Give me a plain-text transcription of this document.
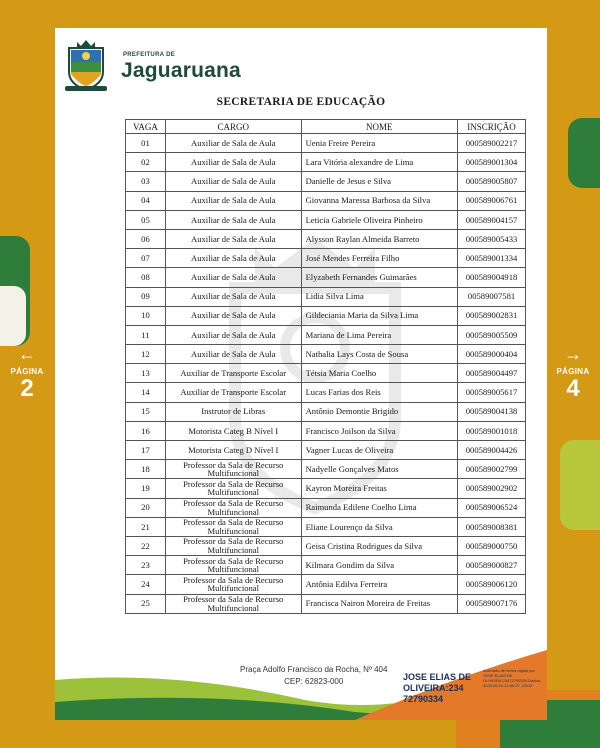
←
PÁGINA
2
→
PÁGINA
4
PREFEITURA DE
Jaguaruana
SECRETARIA DE EDUCAÇÃO
VAGA	CARGO	NOME	INSCRIÇÃO
01	Auxiliar de Sala de Aula	Uenia Freire Pereira	000589002217
02	Auxiliar de Sala de Aula	Lara Vitória alexandre de Lima	000589001304
03	Auxiliar de Sala de Aula	Danielle de Jesus e Silva	000589005807
04	Auxiliar de Sala de Aula	Giovanna Maressa Barbosa da Silva	000589006761
05	Auxiliar de Sala de Aula	Leticia Gabriele Oliveira Pinheiro	000589004157
06	Auxiliar de Sala de Aula	Alysson Raylan Almeida Barreto	000589005433
07	Auxiliar de Sala de Aula	José Mendes Ferreira Filho	000589001334
08	Auxiliar de Sala de Aula	Elyzabeth Fernandes Guimarães	000589004918
09	Auxiliar de Sala de Aula	Lidia Silva Lima	00589007581
10	Auxiliar de Sala de Aula	Gildeciania Maria da Silva Lima	000589002831
11	Auxiliar de Sala de Aula	Mariana de Lima Pereira	000589005509
12	Auxiliar de Sala de Aula	Nathalia Lays Costa de Sousa	000589000404
13	Auxiliar de Transporte Escolar	Tétsia Maria Coelho	000589004497
14	Auxiliar de Transporte Escolar	Lucas Farias dos Reis	000589005617
15	Instrutor de Libras	Antônio Demontie Brigido	000589004138
16	Motorista Categ B Nível I	Francisco Joilson da Silva	000589001018
17	Motorista Categ D Nível I	Vagner Lucas de Oliveira	000589004426
18	Professor da Sala de Recurso Multifuncional	Nadyelle Gonçalves Matos	000589002799
19	Professor da Sala de Recurso Multifuncional	Kayron Moreira Freitas	000589002902
20	Professor da Sala de Recurso Multifuncional	Raimunda Edilene Coelho Lima	000589006524
21	Professor da Sala de Recurso Multifuncional	Eliane Lourenço da Silva	000589008381
22	Professor da Sala de Recurso Multifuncional	Geisa Cristina Rodrigues da Silva	000589000750
23	Professor da Sala de Recurso Multifuncional	Kilmara Gondim da Silva	000589000827
24	Professor da Sala de Recurso Multifuncional	Antônia Edilva Ferreira	000589006120
25	Professor da Sala de Recurso Multifuncional	Francisca Nairon Moreira de Freitas	000589007176
Praça Adolfo Francisco da Rocha, Nº 404
CEP: 62823-000	JOSE ELIAS DE
OLIVEIRA:234
72790334
Assinado de forma digital por JOSE ELIAS DE OLIVEIRA:23472790334 Dados: 2023.06.14 12:46:07 -03'00'
